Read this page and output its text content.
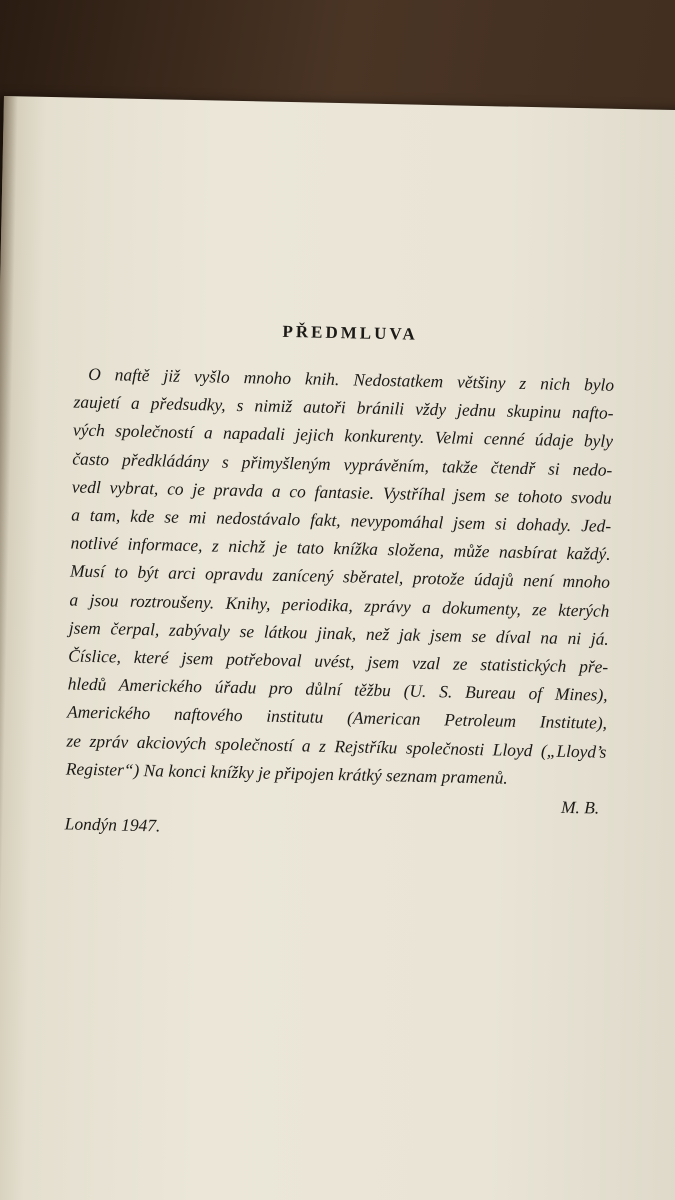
PŘEDMLUVA

O naftě již vyšlo mnoho knih. Nedostatkem většiny z nich bylo
zaujetí a předsudky, s nimiž autoři bránili vždy jednu skupinu nafto-
vých společností a napadali jejich konkurenty. Velmi cenné údaje byly
často předkládány s přimyšleným vyprávěním, takže čtendř si nedo-
vedl vybrat, co je pravda a co fantasie. Vystříhal jsem se tohoto svodu
a tam, kde se mi nedostávalo fakt, nevypomáhal jsem si dohady. Jed-
notlivé informace, z nichž je tato knížka složena, může nasbírat každý.
Musí to být arci opravdu zanícený sběratel, protože údajů není mnoho
a jsou roztroušeny. Knihy, periodika, zprávy a dokumenty, ze kterých
jsem čerpal, zabývaly se látkou jinak, než jak jsem se díval na ni já.
Číslice, které jsem potřeboval uvést, jsem vzal ze statistických pře-
hledů Amerického úřadu pro důlní těžbu (U. S. Bureau of Mines),
Amerického naftového institutu (American Petroleum Institute),
ze zpráv akciových společností a z Rejstříku společnosti Lloyd („Lloyd’s
Register“) Na konci knížky je připojen krátký seznam pramenů.

M. B.
Londýn 1947.
